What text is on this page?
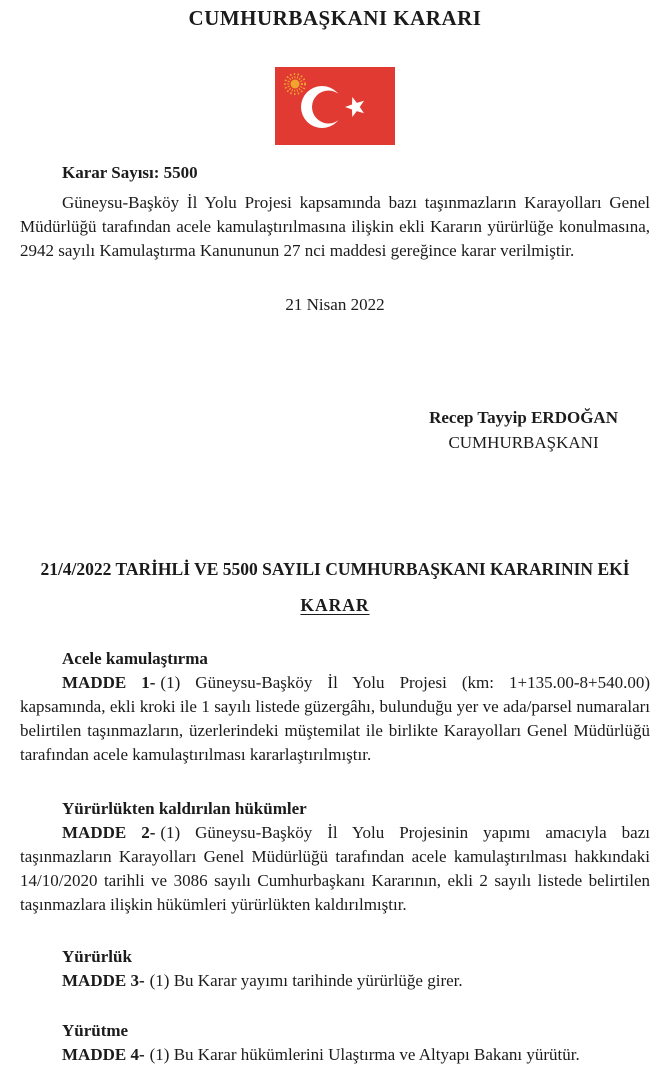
CUMHURBAŞKANI KARARI
Karar Sayısı: 5500

Güneysu-Başköy İl Yolu Projesi kapsamında bazı taşınmazların Karayolları Genel Müdürlüğü tarafından acele kamulaştırılmasına ilişkin ekli Kararın yürürlüğe konulmasına, 2942 sayılı Kamulaştırma Kanununun 27 nci maddesi gereğince karar verilmiştir.

21 Nisan 2022
Recep Tayyip ERDOĞAN
CUMHURBAŞKANI
21/4/2022 TARİHLİ VE 5500 SAYILI CUMHURBAŞKANI KARARININ EKİ
KARAR
Acele kamulaştırma

MADDE 1- (1) Güneysu-Başköy İl Yolu Projesi (km: 1+135.00-8+540.00) kapsamında, ekli kroki ile 1 sayılı listede güzergâhı, bulunduğu yer ve ada/parsel numaraları belirtilen taşınmazların, üzerlerindeki müştemilat ile birlikte Karayolları Genel Müdürlüğü tarafından acele kamulaştırılması kararlaştırılmıştır.

Yürürlükten kaldırılan hükümler

MADDE 2- (1) Güneysu-Başköy İl Yolu Projesinin yapımı amacıyla bazı taşınmazların Karayolları Genel Müdürlüğü tarafından acele kamulaştırılması hakkındaki 14/10/2020 tarihli ve 3086 sayılı Cumhurbaşkanı Kararının, ekli 2 sayılı listede belirtilen taşınmazlara ilişkin hükümleri yürürlükten kaldırılmıştır.

Yürürlük

MADDE 3- (1) Bu Karar yayımı tarihinde yürürlüğe girer.

Yürütme

MADDE 4- (1) Bu Karar hükümlerini Ulaştırma ve Altyapı Bakanı yürütür.
